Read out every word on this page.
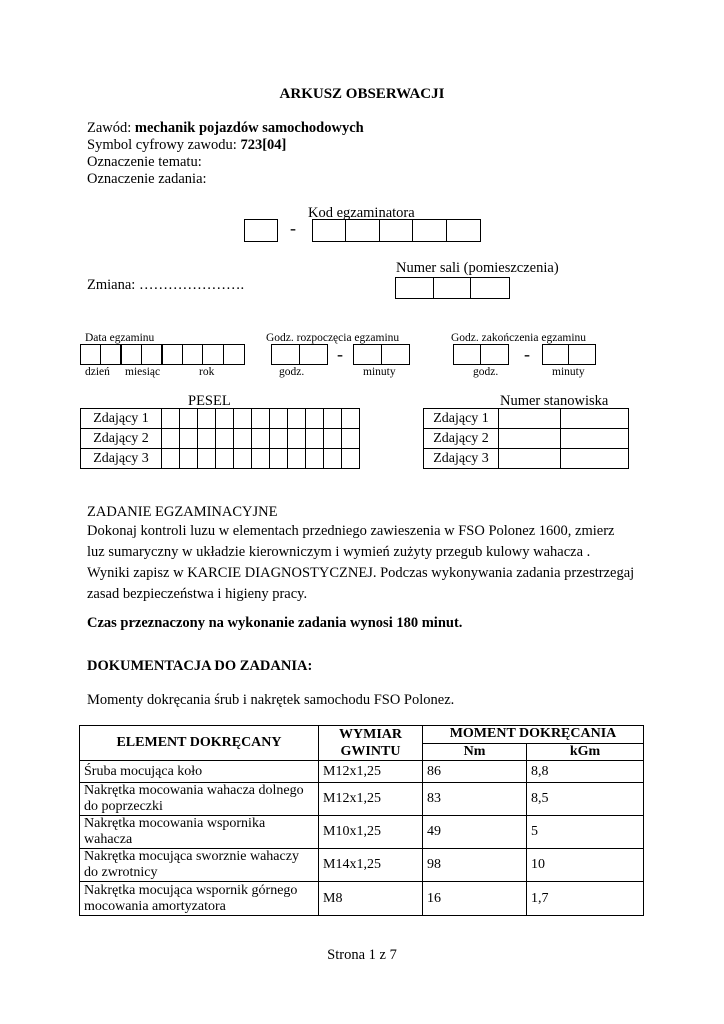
ARKUSZ OBSERWACJI
Zawód: mechanik pojazdów samochodowych
Symbol cyfrowy zawodu: 723[04]
Oznaczenie tematu:
Oznaczenie zadania:
Kod egzaminatora
-
Numer sali (pomieszczenia)
Zmiana: ………………….
Data egzaminu	Godz. rozpoczęcia egzaminu	Godz. zakończenia egzaminu
-	-
dzień miesiąc	rok	godz.	minuty	godz.	minuty
PESEL	Numer stanowiska
Zdający 1											
Zdający 2											
Zdający 3											
Zdający 1		
Zdający 2		
Zdający 3		
ZADANIE EGZAMINACYJNE
Dokonaj kontroli luzu w elementach przedniego zawieszenia w FSO Polonez 1600, zmierz
luz sumaryczny w układzie kierowniczym i wymień zużyty przegub kulowy wahacza .
Wyniki zapisz w KARCIE DIAGNOSTYCZNEJ. Podczas wykonywania zadania przestrzegaj
zasad bezpieczeństwa i higieny pracy.
Czas przeznaczony na wykonanie zadania wynosi 180 minut.
DOKUMENTACJA DO ZADANIA:
Momenty dokręcania śrub i nakrętek samochodu FSO Polonez.
ELEMENT DOKRĘCANY	WYMIAR GWINTU	MOMENT DOKRĘCANIA	
		Nm	kGm
Śruba mocująca koło	M12x1,25	86	8,8
Nakrętka mocowania wahacza dolnego do poprzeczki	M12x1,25	83	8,5
Nakrętka mocowania wspornika wahacza	M10x1,25	49	5
Nakrętka mocująca sworznie wahaczy do zwrotnicy	M14x1,25	98	10
Nakrętka mocująca wspornik górnego mocowania amortyzatora	M8	16	1,7
Strona 1 z 7
